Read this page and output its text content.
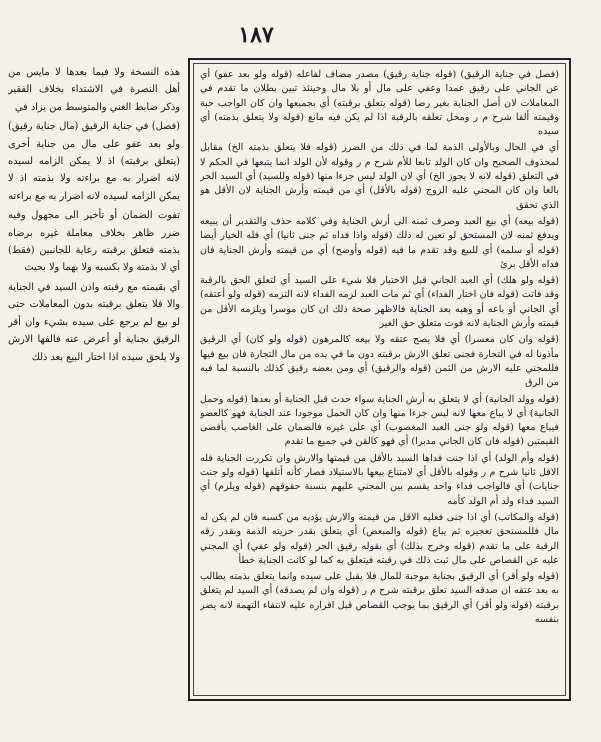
١٨٧

(فصل في جناية الرقيق) (قوله جناية رقيق) مصدر مضاف لفاعله (قوله ولو بعد عفو) أي عن الجاني على رقيق عمدا وعفي على مال أو بلا مال وحينئذ تبين بطلان ما تقدم في المعاملات لان أصل الجناية بغير رضا (قوله يتعلق برقبته) أي بجميعها وان كان الواجب حبة وقيمته ألفا شرح م ر ومحل تعلقه بالرقبة اذا لم يكن فيه مانع (قوله ولا يتعلق بذمته) أي سيده

أي في الحال وبالأولى الذمة لما في ذلك من الضرر (قوله فلا يتعلق بذمته الخ) مقابل لمحذوف الصحيح وان كان الولد تابعا للأم شرح م ر وقوله لأن الولد انما يتبعها في الحكم لا في التعلق (قوله لانه لا يجوز الخ) أي لان الولد ليس جزءا منها (قوله وللسيد) أي السيد الحر بالغا وان كان المجني عليه الزوج (قوله بالأقل) أي من قيمته وأرش الجناية لان الأقل هو الذي تحقق

(قوله بيعه) أي بيع العبد وصرف ثمنه الى أرش الجناية وفي كلامه حذف والتقدير أن يبيعه ويدفع ثمنه لان المستحق لو تعين له ذلك (قوله واذا فداه ثم جنى ثانيا) أي فله الخيار أيضا (قوله أو سلمه) أي للبيع وقد تقدم ما فيه (قوله وأوضح) أي من قيمته وأرش الجناية فان فداه الأقل برئ

(قوله ولو هلك) أي العبد الجاني قبل الاختيار فلا شيء على السيد أي لتعلق الحق بالرقبة وقد فاتت (قوله فان اختار الفداء) أي ثم مات العبد لزمه الفداء لانه التزمه (قوله ولو أعتقه) أي الجاني أو باعه أو وهبه بعد الجناية فالاظهر صحة ذلك ان كان موسرا ويلزمه الأقل من قيمته وأرش الجناية لانه فوت متعلق حق الغير

(قوله وان كان معسرا) أي فلا يصح عتقه ولا بيعه كالمرهون (قوله ولو كان) أي الرقيق مأذونا له في التجارة فجنى تعلق الارش برقبته دون ما في يده من مال التجارة فان بيع فيها فللمجني عليه الارش من الثمن (قوله والرقيق) أي ومن بعضه رقيق كذلك بالنسبة لما فيه من الرق

(قوله وولد الجانية) أي لا يتعلق به أرش الجناية سواء حدث قبل الجناية أو بعدها (قوله وحمل الجانية) أي لا يباع معها لانه ليس جزءا منها وان كان الحمل موجودا عند الجناية فهو كالعضو فيباع معها (قوله ولو جنى العبد المغصوب) أي على غيره فالضمان على الغاصب بأقصى القيمتين (قوله فان كان الجاني مدبرا) أي فهو كالقن في جميع ما تقدم

(قوله وأم الولد) أي اذا جنت فداها السيد بالأقل من قيمتها والارش وان تكررت الجناية فله الاقل ثانيا شرح م ر وقوله بالأقل أي لامتناع بيعها بالاستيلاد فصار كأنه أتلفها (قوله ولو جنت جنايات) أي فالواجب فداء واحد يقسم بين المجني عليهم بنسبة حقوقهم (قوله ويلزم) أي السيد فداء ولد أم الولد كأمه

(قوله والمكاتب) أي اذا جنى فعليه الاقل من قيمته والارش يؤديه من كسبه فان لم يكن له مال فللمستحق تعجيزه ثم يباع (قوله والمبعض) أي يتعلق بقدر حريته الذمة وبقدر رقه الرقبة على ما تقدم (قوله وخرج بذلك) أي بقوله رقيق الحر (قوله ولو عفي) أي المجني عليه عن القصاص على مال ثبت ذلك في رقبته فيتعلق به كما لو كانت الجناية خطأ

(قوله ولو أقر) أي الرقيق بجناية موجبة للمال فلا يقبل على سيده وانما يتعلق بذمته يطالب به بعد عتقه ان صدقه السيد تعلق برقبته شرح م ر (قوله وان لم يصدقه) أي السيد لم يتعلق برقبته (قوله ولو أقر) أي الرقيق بما يوجب القصاص قبل اقراره عليه لانتفاء التهمة لانه يضر بنفسه

هذه النسخة ولا فيما بعدها لا مايس من أهل النصرة في الاشتداء بخلاف الفقير وذكر ضابط الغني والمتوسط من يزاد في

(فصل) في جناية الرقيق (مال جناية رقيق) ولو بعد عفو على مال من جناية أخرى (يتعلق برقبته) اذ لا يمكن الزامه لسيده لانه اضرار به مع براءته ولا بذمته اذ لا يمكن الزامه لسيده لانه اضرار به مع براءته

تفوت الضمان أو تأخير الى مجهول وفيه ضرر ظاهر بخلاف معاملة غيره برضاه بذمته فتعلق برقبته رعاية للجانبين (فقط) أي لا بذمته ولا بكسبه ولا بهما ولا بحيث

أي بقيمته مع رقبته واذن السيد في الجناية والا فلا يتعلق برقبته بدون المعاملات حتى لو بيع لم يرجع على سيده بشيء وان أقر الرقيق بجناية أو أعرض عنه فالفها الارش ولا يلحق سيده اذا اختار البيع بعد ذلك
